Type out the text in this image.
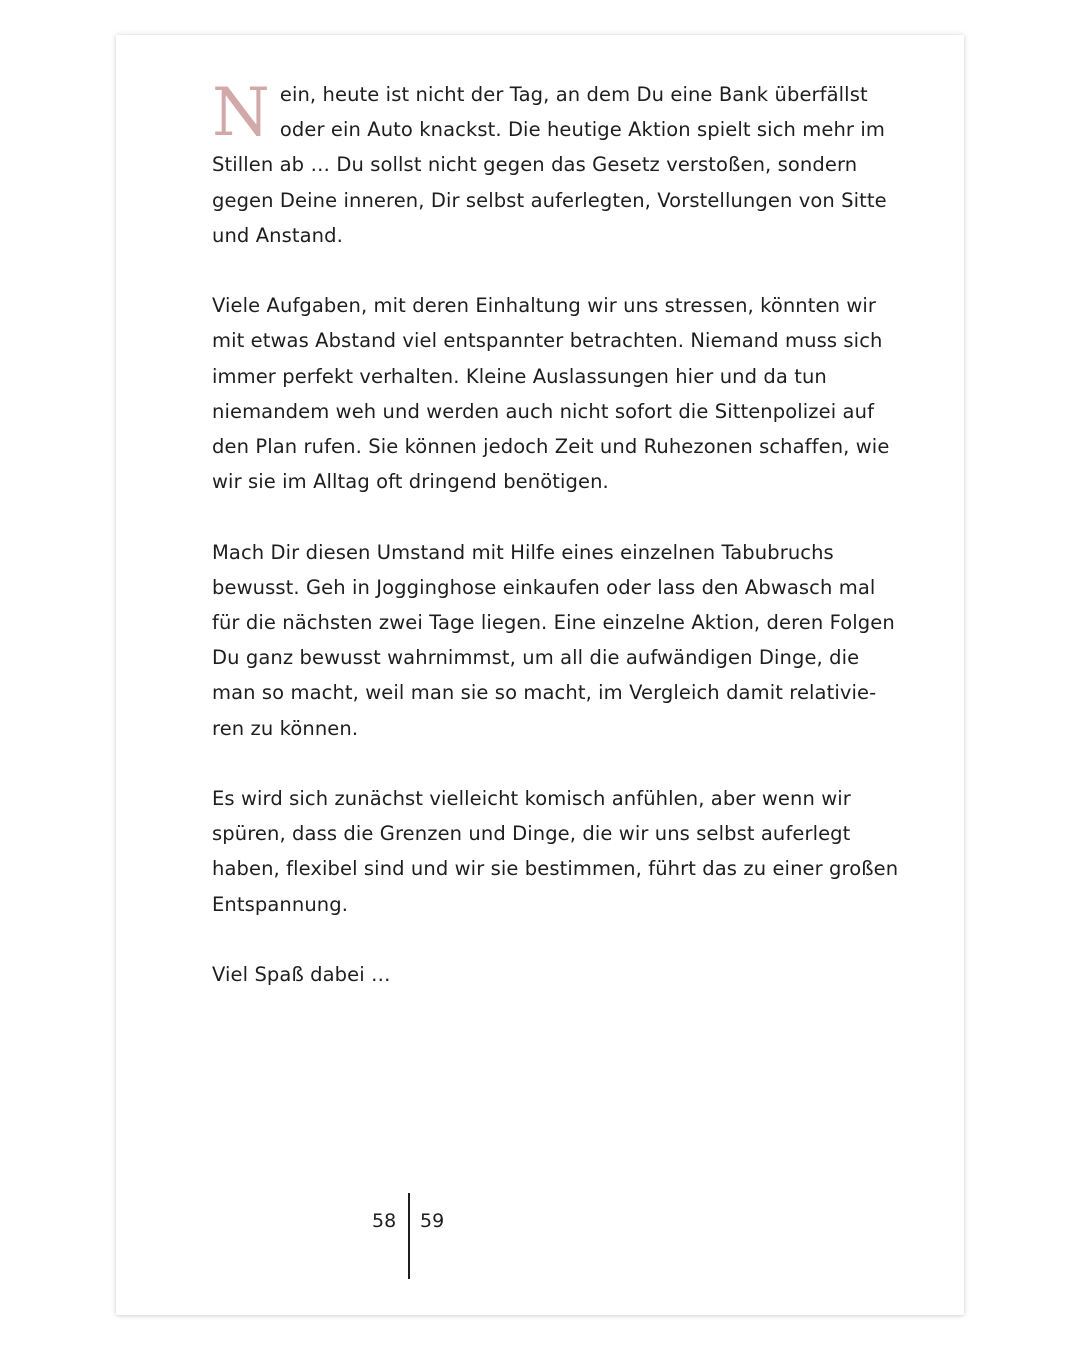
N ein, heute ist nicht der Tag, an dem Du eine Bank überfällst
oder ein Auto knackst. Die heutige Aktion spielt sich mehr im
Stillen ab … Du sollst nicht gegen das Gesetz verstoßen, sondern
gegen Deine inneren, Dir selbst auferlegten, Vorstellungen von Sitte
und Anstand.

Viele Aufgaben, mit deren Einhaltung wir uns stressen, könnten wir
mit etwas Abstand viel entspannter betrachten. Niemand muss sich
immer perfekt verhalten. Kleine Auslassungen hier und da tun
niemandem weh und werden auch nicht sofort die Sittenpolizei auf
den Plan rufen. Sie können jedoch Zeit und Ruhezonen schaffen, wie
wir sie im Alltag oft dringend benötigen.

Mach Dir diesen Umstand mit Hilfe eines einzelnen Tabubruchs
bewusst. Geh in Jogginghose einkaufen oder lass den Abwasch mal
für die nächsten zwei Tage liegen. Eine einzelne Aktion, deren Folgen
Du ganz bewusst wahrnimmst, um all die aufwändigen Dinge, die
man so macht, weil man sie so macht, im Vergleich damit relativie-
ren zu können.

Es wird sich zunächst vielleicht komisch anfühlen, aber wenn wir
spüren, dass die Grenzen und Dinge, die wir uns selbst auferlegt
haben, flexibel sind und wir sie bestimmen, führt das zu einer großen
Entspannung.

Viel Spaß dabei …

58 59
